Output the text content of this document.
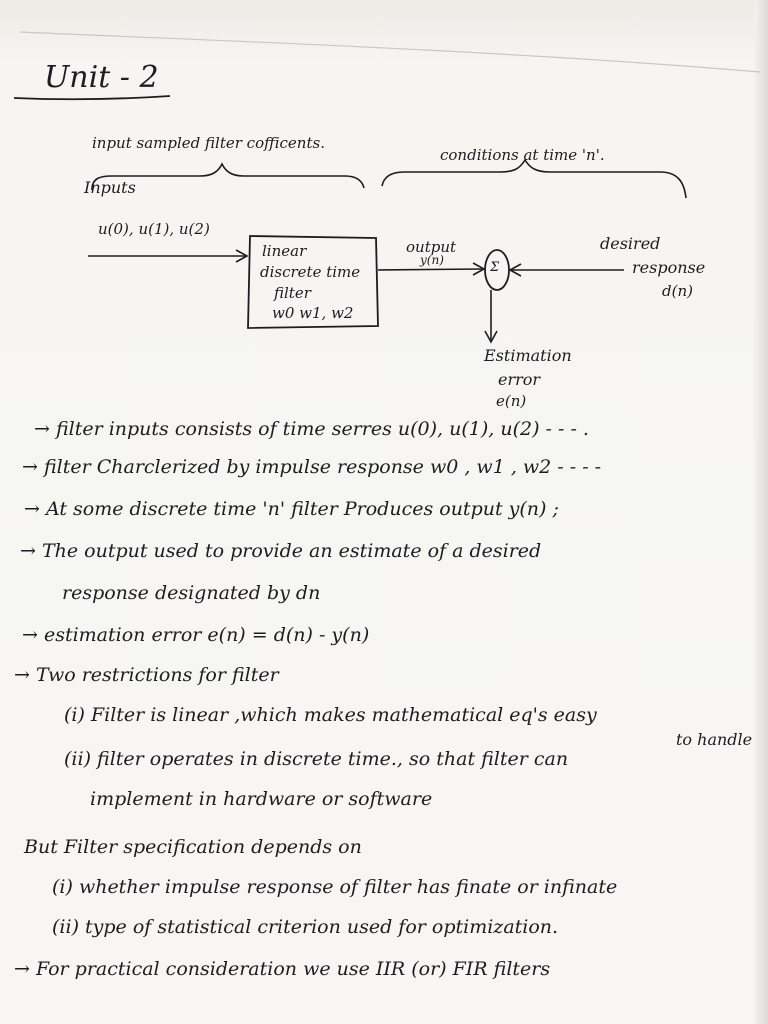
Unit - 2
input sampled filter cofficents.
conditions at time 'n'.
Inputs
u(0), u(1), u(2)
linear
discrete time
filter
w0 w1, w2
output
y(n)	Σ
desired
response
d(n)
Estimation
error
e(n)
→ filter inputs consists of time serres u(0), u(1), u(2) - - - .
→ filter Charclerized by impulse response w0 , w1 , w2 - - - -
→ At some discrete time 'n' filter Produces output y(n) ;
→ The output used to provide an estimate of a desired
response designated by dn
→ estimation error e(n) = d(n) - y(n)
→ Two restrictions for filter
(i) Filter is linear ,which makes mathematical eq's easy
to handle
(ii) filter operates in discrete time., so that filter can
implement in hardware or software
But Filter specification depends on
(i) whether impulse response of filter has finate or infinate
(ii) type of statistical criterion used for optimization.
→ For practical consideration we use IIR (or) FIR filters
